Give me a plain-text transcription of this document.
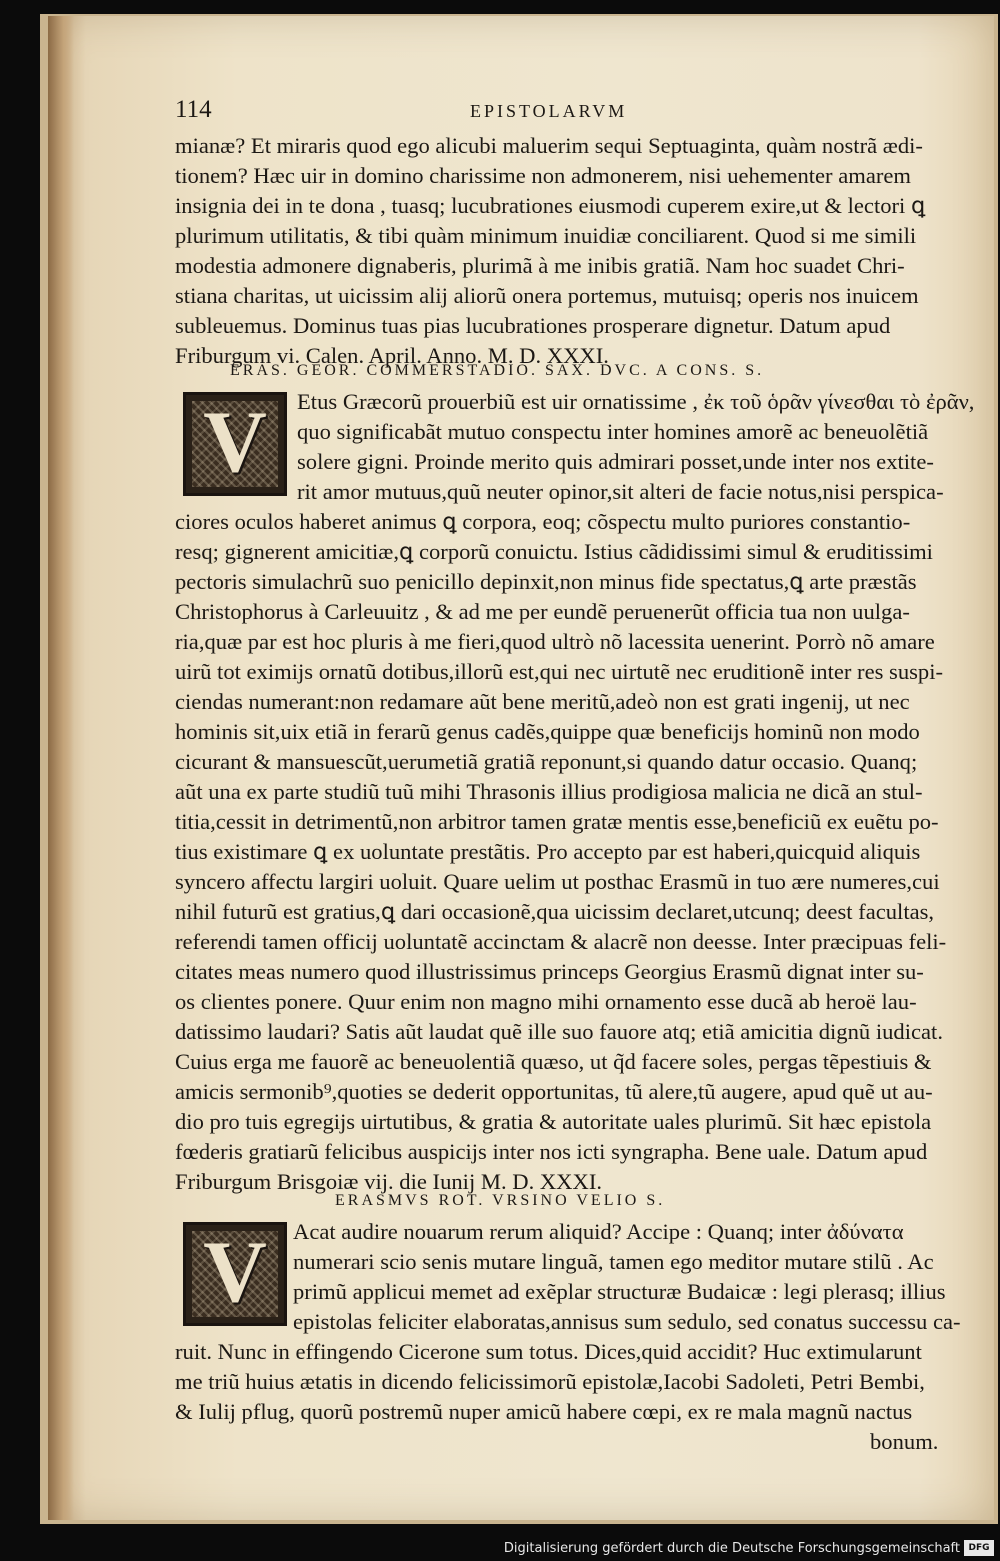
114	EPISTOLARVM
mianæ? Et miraris quod ego alicubi maluerim sequi Septuaginta, quàm nostrã ædi-
tionem? Hæc uir in domino charissime non admonerem, nisi uehementer amarem
insignia dei in te dona , tuasq; lucubrationes eiusmodi cuperem exire,ut & lectori ꝗ
plurimum utilitatis, & tibi quàm minimum inuidiæ conciliarent. Quod si me simili
modestia admonere dignaberis, plurimã à me inibis gratiã. Nam hoc suadet Chri-
stiana charitas, ut uicissim alij aliorũ onera portemus, mutuisq; operis nos inuicem
subleuemus. Dominus tuas pias lucubrationes prosperare dignetur. Datum apud
Friburgum vi. Calen. April. Anno. M. D. XXXI.
ERAS. GEOR. COMMERSTADIO. SAX. DVC. A CONS. S.
V	Etus Græcorũ prouerbiũ est uir ornatissime , ἐκ τοῦ ὁρᾶν γίνεσθαι τὸ ἐρᾶν,
quo significabãt mutuo conspectu inter homines amorẽ ac beneuolẽtiã
solere gigni. Proinde merito quis admirari posset,unde inter nos extite-
rit amor mutuus,quũ neuter opinor,sit alteri de facie notus,nisi perspica-
ciores oculos haberet animus ꝗ corpora, eoq; cõspectu multo puriores constantio-
resq; gignerent amicitiæ,ꝗ corporũ conuictu. Istius cãdidissimi simul & eruditissimi
pectoris simulachrũ suo penicillo depinxit,non minus fide spectatus,ꝗ arte præstãs
Christophorus à Carleuuitz , & ad me per eundẽ peruenerũt officia tua non uulga-
ria,quæ par est hoc pluris à me fieri,quod ultrò nõ lacessita uenerint. Porrò nõ amare
uirũ tot eximijs ornatũ dotibus,illorũ est,qui nec uirtutẽ nec eruditionẽ inter res suspi-
ciendas numerant:non redamare aũt bene meritũ,adeò non est grati ingenij, ut nec
hominis sit,uix etiã in ferarũ genus cadẽs,quippe quæ beneficijs hominũ non modo
cicurant & mansuescũt,uerumetiã gratiã reponunt,si quando datur occasio. Quanq;
aũt una ex parte studiũ tuũ mihi Thrasonis illius prodigiosa malicia ne dicã an stul-
titia,cessit in detrimentũ,non arbitror tamen gratæ mentis esse,beneficiũ ex euẽtu po-
tius existimare ꝗ ex uoluntate prestãtis. Pro accepto par est haberi,quicquid aliquis
syncero affectu largiri uoluit. Quare uelim ut posthac Erasmũ in tuo ære numeres,cui
nihil futurũ est gratius,ꝗ dari occasionẽ,qua uicissim declaret,utcunq; deest facultas,
referendi tamen officij uoluntatẽ accinctam & alacrẽ non deesse. Inter præcipuas feli-
citates meas numero quod illustrissimus princeps Georgius Erasmũ dignat inter su-
os clientes ponere. Quur enim non magno mihi ornamento esse ducã ab heroë lau-
datissimo laudari? Satis aũt laudat quẽ ille suo fauore atq; etiã amicitia dignũ iudicat.
Cuius erga me fauorẽ ac beneuolentiã quæso, ut q̃d facere soles, pergas tẽpestiuis &
amicis sermonib⁹,quoties se dederit opportunitas, tũ alere,tũ augere, apud quẽ ut au-
dio pro tuis egregijs uirtutibus, & gratia & autoritate uales plurimũ. Sit hæc epistola
fœderis gratiarũ felicibus auspicijs inter nos icti syngrapha. Bene uale. Datum apud
Friburgum Brisgoiæ vij. die Iunij M. D. XXXI.
ERASMVS ROT. VRSINO VELIO S.
V	Acat audire nouarum rerum aliquid? Accipe : Quanq; inter ἀδύνατα
numerari scio senis mutare linguã, tamen ego meditor mutare stilũ . Ac
primũ applicui memet ad exẽplar structuræ Budaicæ : legi plerasq; illius
epistolas feliciter elaboratas,annisus sum sedulo, sed conatus successu ca-
ruit. Nunc in effingendo Cicerone sum totus. Dices,quid accidit? Huc extimularunt
me triũ huius ætatis in dicendo felicissimorũ epistolæ,Iacobi Sadoleti, Petri Bembi,
& Iulij pflug, quorũ postremũ nuper amicũ habere cœpi, ex re mala magnũ nactus
bonum.
Digitalisierung gefördert durch die Deutsche Forschungsgemeinschaft DFG
